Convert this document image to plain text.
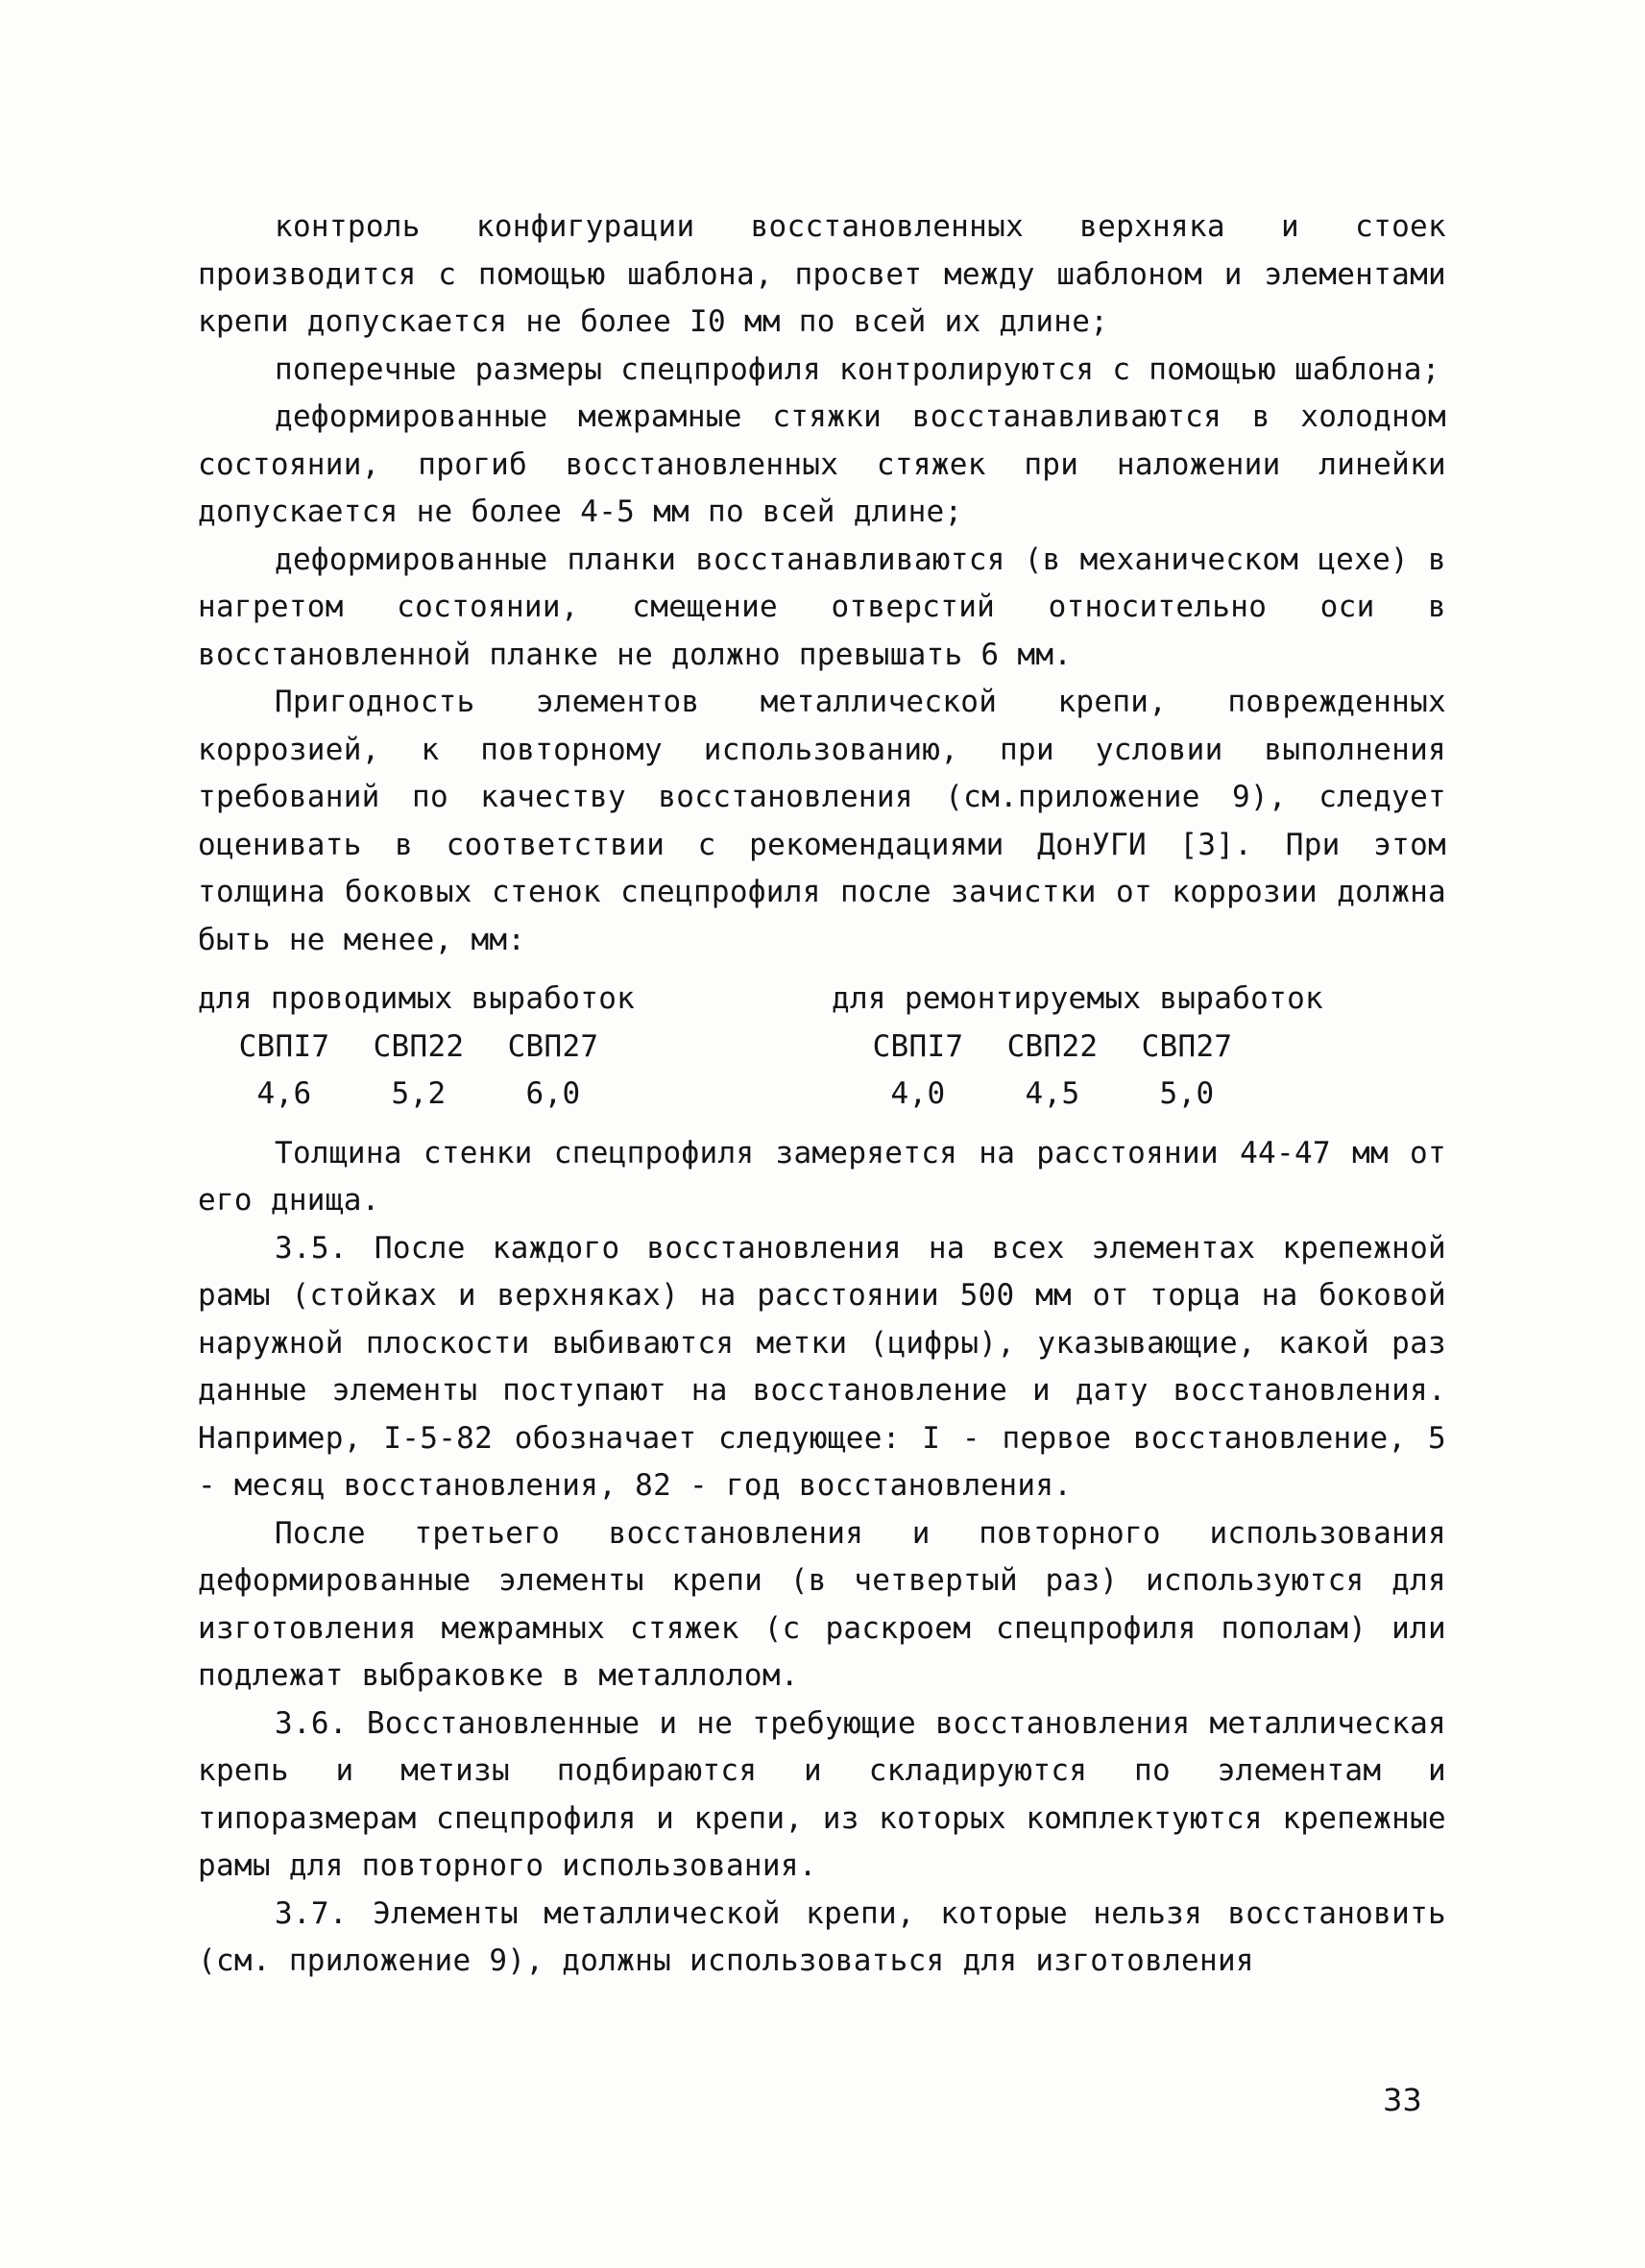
контроль конфигурации восстановленных верхняка и стоек производится с помощью шаблона, просвет между шаблоном и элементами крепи допускается не более I0 мм по всей их длине;

поперечные размеры спецпрофиля контролируются с помощью шаблона;

деформированные межрамные стяжки восстанавливаются в холодном состоянии, прогиб восстановленных стяжек при наложении линейки допускается не более 4-5 мм по всей длине;

деформированные планки восстанавливаются (в механическом цехе) в нагретом состоянии, смещение отверстий относительно оси в восстановленной планке не должно превышать 6 мм.

Пригодность элементов металлической крепи, поврежденных коррозией, к повторному использованию, при условии выполнения требований по качеству восстановления (см.приложение 9), следует оценивать в соответствии с рекомендациями ДонУГИ [3]. При этом толщина боковых стенок спецпрофиля после зачистки от коррозии должна быть не менее, мм:

для проводимых выработок
СВПI7	СВП22	СВП27
4,6	5,2	6,0
для ремонтируемых выработок
СВПI7	СВП22	СВП27
4,0	4,5	5,0

Толщина стенки спецпрофиля замеряется на расстоянии 44-47 мм от его днища.

3.5. После каждого восстановления на всех элементах крепежной рамы (стойках и верхняках) на расстоянии 500 мм от торца на боковой наружной плоскости выбиваются метки (цифры), указывающие, какой раз данные элементы поступают на восстановление и дату восстановления. Например, I-5-82 обозначает следующее: I - первое восстановление, 5 - месяц восстановления, 82 - год восстановления.

После третьего восстановления и повторного использования деформированные элементы крепи (в четвертый раз) используются для изготовления межрамных стяжек (с раскроем спецпрофиля пополам) или подлежат выбраковке в металлолом.

3.6. Восстановленные и не требующие восстановления металлическая крепь и метизы подбираются и складируются по элементам и типоразмерам спецпрофиля и крепи, из которых комплектуются крепежные рамы для повторного использования.

3.7. Элементы металлической крепи, которые нельзя восстановить (см. приложение 9), должны использоваться для изготовления

33
